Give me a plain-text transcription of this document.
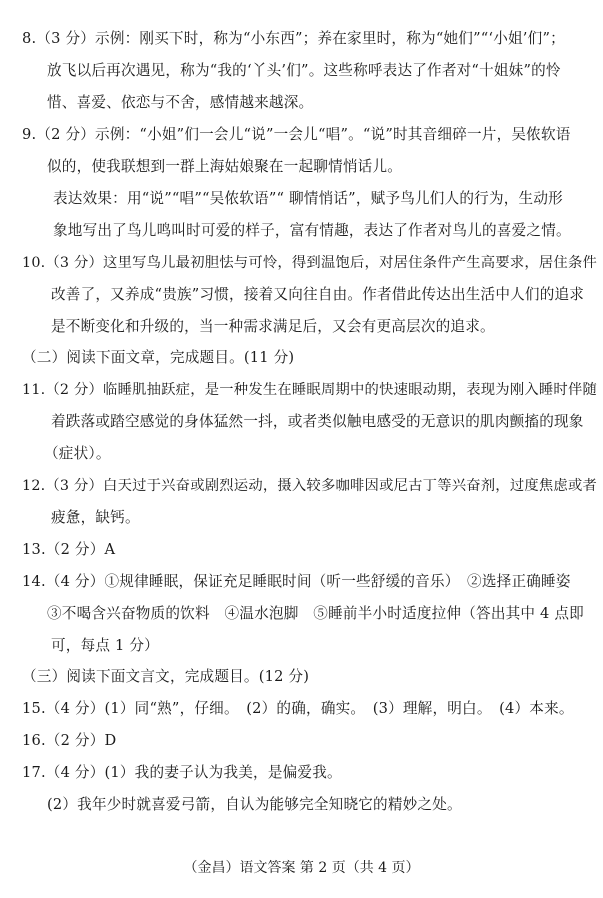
8.（3 分）示例：刚买下时，称为“小东西”；养在家里时，称为“她们”“‘小姐’们”；
放飞以后再次遇见，称为“我的‘丫头’们”。这些称呼表达了作者对“十姐妹”的怜
惜、喜爱、依恋与不舍，感情越来越深。
9.（2 分）示例：“小姐”们一会儿“说”一会儿“唱”。“说”时其音细碎一片，吴侬软语
似的，使我联想到一群上海姑娘聚在一起聊情悄话儿。
表达效果：用“说”“唱”“吴侬软语”“ 聊情悄话”，赋予鸟儿们人的行为，生动形
象地写出了鸟儿鸣叫时可爱的样子，富有情趣，表达了作者对鸟儿的喜爱之情。
10.（3 分）这里写鸟儿最初胆怯与可怜，得到温饱后，对居住条件产生高要求，居住条件
改善了，又养成“贵族”习惯，接着又向往自由。作者借此传达出生活中人们的追求
是不断变化和升级的，当一种需求满足后，又会有更高层次的追求。
（二）阅读下面文章，完成题目。(11 分)
11.（2 分）临睡肌抽跃症，是一种发生在睡眠周期中的快速眼动期，表现为刚入睡时伴随
着跌落或踏空感觉的身体猛然一抖，或者类似触电感受的无意识的肌肉颤搐的现象
（症状）。
12.（3 分）白天过于兴奋或剧烈运动，摄入较多咖啡因或尼古丁等兴奋剂，过度焦虑或者
疲惫，缺钙。
13.（2 分）A
14.（4 分）①规律睡眠，保证充足睡眠时间（听一些舒缓的音乐）　②选择正确睡姿
③不喝含兴奋物质的饮料　④温水泡脚　⑤睡前半小时适度拉伸（答出其中 4 点即
可，每点 1 分）
（三）阅读下面文言文，完成题目。(12 分)
15.（4 分）(1）同“熟”，仔细。　(2）的确，确实。　(3）理解，明白。　(4）本来。
16.（2 分）D
17.（4 分）(1）我的妻子认为我美，是偏爱我。
(2）我年少时就喜爱弓箭，自认为能够完全知晓它的精妙之处。
（金昌）语文答案 第 2 页（共 4 页）
